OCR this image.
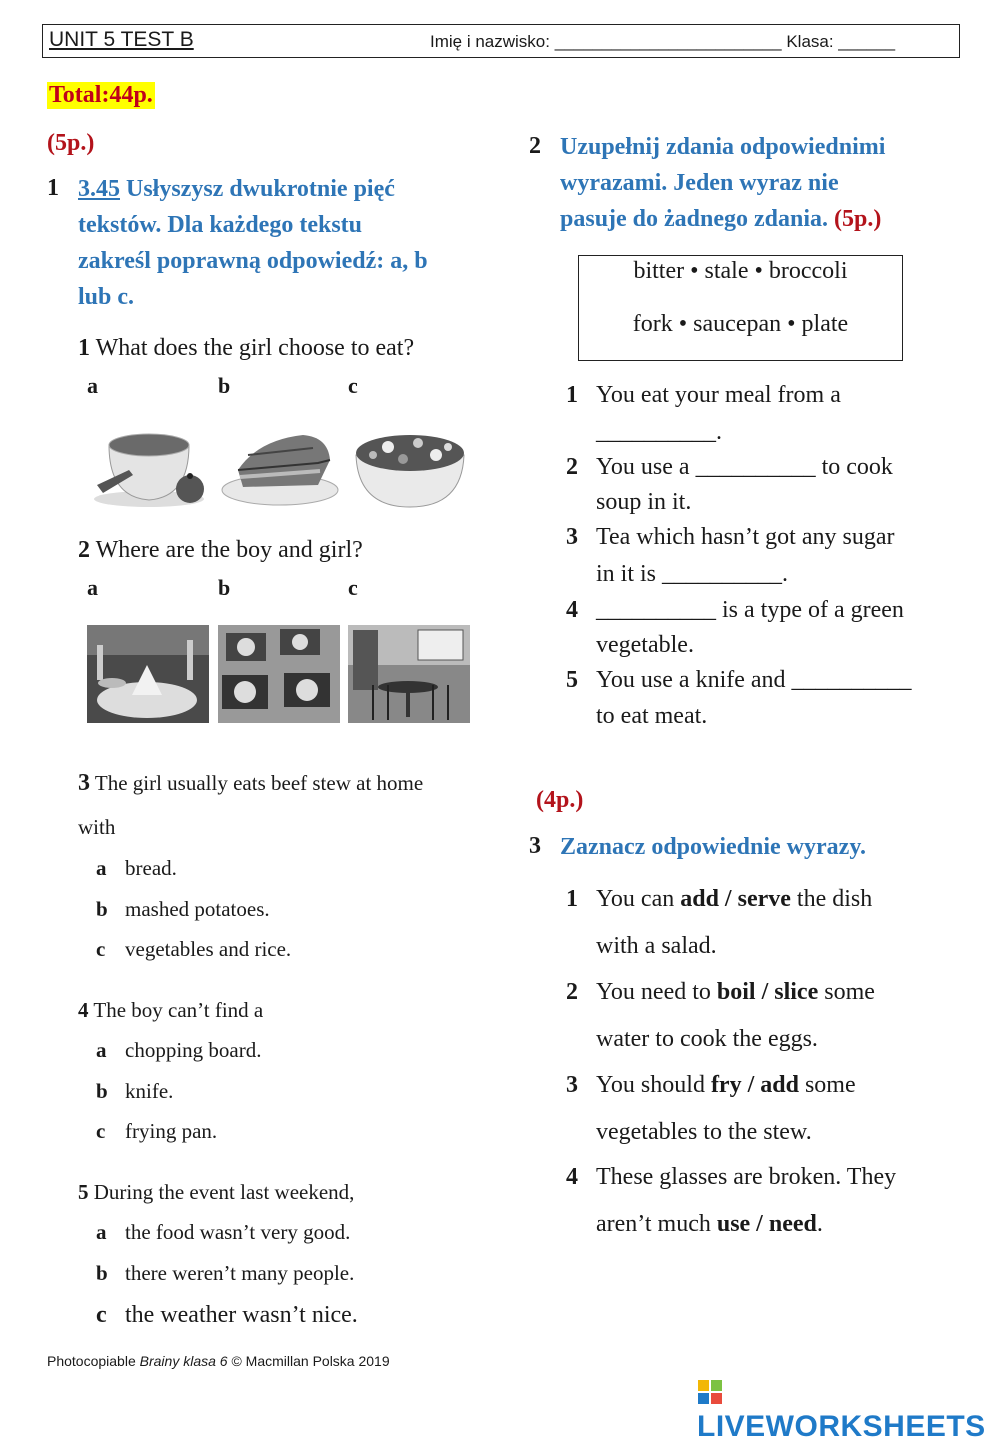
UNIT 5 TEST B	Imię i nazwisko: ________________________ Klasa: ______
Total:44p.
(5p.)
1 3.45 Usłyszysz dwukrotnie pięć
tekstów. Dla każdego tekstu
zakreśl poprawną odpowiedź: a, b
lub c.
1 What does the girl choose to eat?
a	b	c
2 Where are the boy and girl?
a	b	c
3 The girl usually eats beef stew at home
with
a bread.
b mashed potatoes.
c vegetables and rice.
4 The boy can’t find a
a chopping board.
b knife.
c frying pan.
5 During the event last weekend,
a the food wasn’t very good.
b there weren’t many people.
c the weather wasn’t nice.
2 Uzupełnij zdania odpowiednimi
wyrazami. Jeden wyraz nie
pasuje do żadnego zdania. (5p.)
bitter • stale • broccoli
fork • saucepan • plate
1 You eat your meal from a
__________.
2 You use a __________ to cook
soup in it.
3 Tea which hasn’t got any sugar
in it is __________.
4 __________ is a type of a green
vegetable.
5 You use a knife and __________
to eat meat.
(4p.)
3 Zaznacz odpowiednie wyrazy.
1 You can add / serve the dish
with a salad.
2 You need to boil / slice some
water to cook the eggs.
3 You should fry / add some
vegetables to the stew.
4 These glasses are broken. They
aren’t much use / need.
Photocopiable Brainy klasa 6 © Macmillan Polska 2019
LIVEWORKSHEETS
